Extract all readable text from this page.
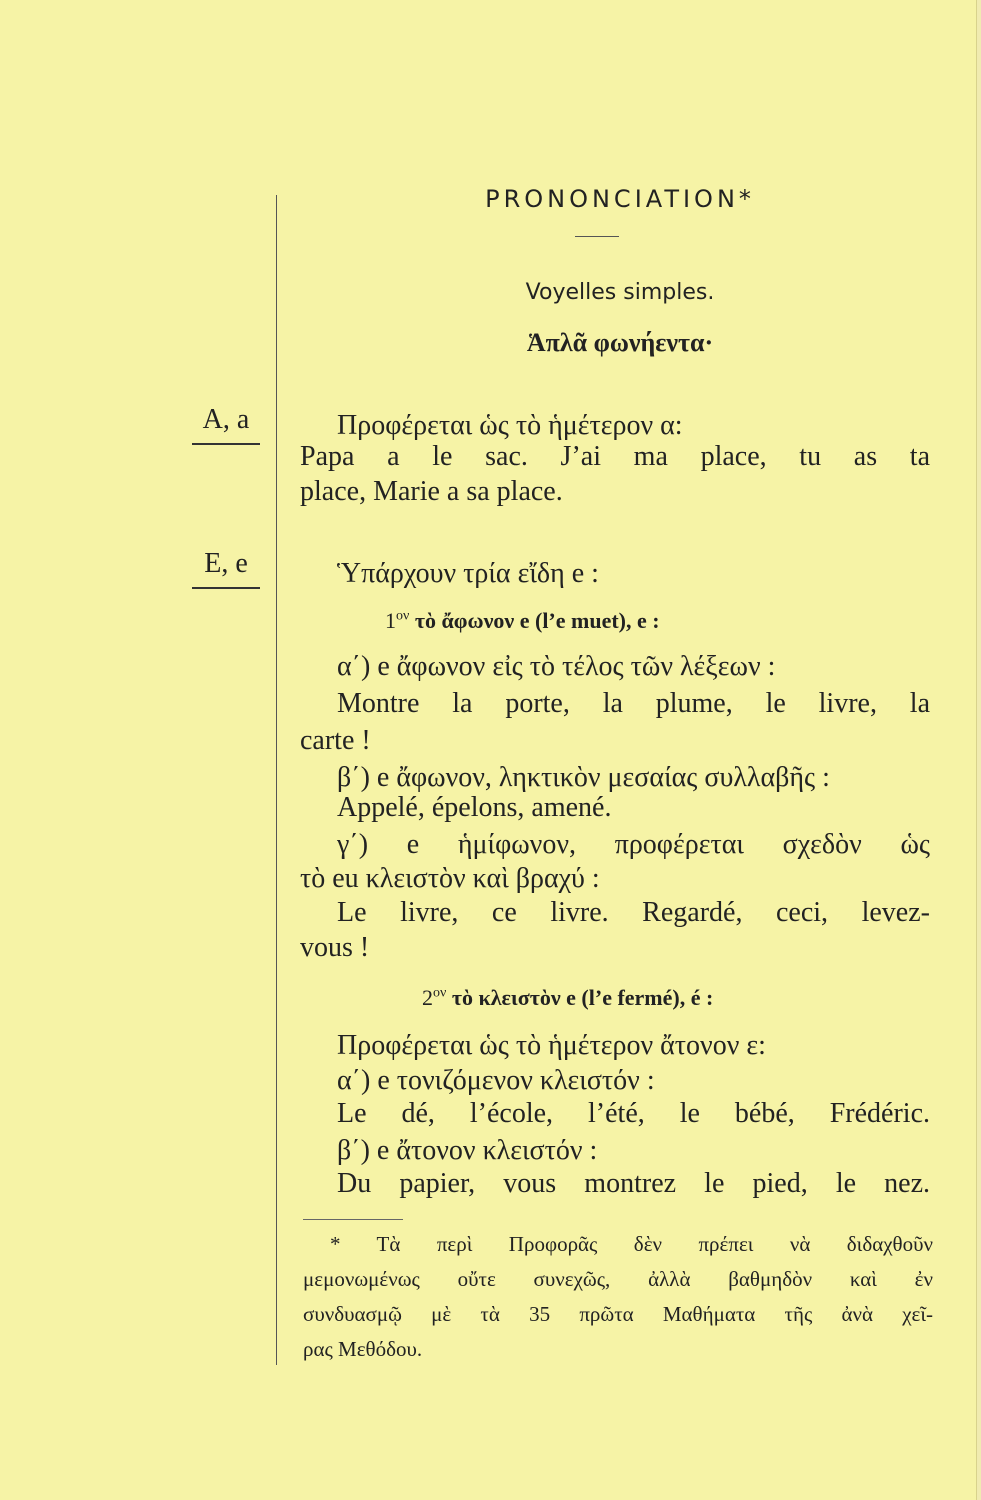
A, a
E, e
PRONONCIATION*
Voyelles simples.
Ἁπλᾶ φωνήεντα·
Προφέρεται ὡς τὸ ἡμέτερον α:
Papa a le sac. J’ai ma place, tu as ta
place, Marie a sa place.
Ὑπάρχουν τρία εἴδη e :
$1^{o\nu}$ τὸ ἄφωνον e (l’e muet), e :
α΄) e ἄφωνον εἰς τὸ τέλος τῶν λέξεων :
Montre la porte, la plume, le livre, la
carte !
β΄) e ἄφωνον, ληκτικὸν μεσαίας συλλαβῆς :
Appelé, épelons, amené.
γ΄) e ἡμίφωνον, προφέρεται σχεδὸν ὡς
τὸ eu κλειστὸν καὶ βραχύ :
Le livre, ce livre. Regardé, ceci, levez-
vous !
$2^{o\nu}$ τὸ κλειστὸν e (l’e fermé), é :
Προφέρεται ὡς τὸ ἡμέτερον ἄτονον ε:
α΄) e τονιζόμενον κλειστόν :
Le dé, l’école, l’été, le bébé, Frédéric.
β΄) e ἄτονον κλειστόν :
Du papier, vous montrez le pied, le nez.
* Τὰ περὶ Προφορᾶς δὲν πρέπει νὰ διδαχθοῦν
μεμονωμένως οὔτε συνεχῶς, ἀλλὰ βαθμηδὸν καὶ ἐν
συνδυασμῷ μὲ τὰ 35 πρῶτα Μαθήματα τῆς ἀνὰ χεῖ-
ρας Μεθόδου.
